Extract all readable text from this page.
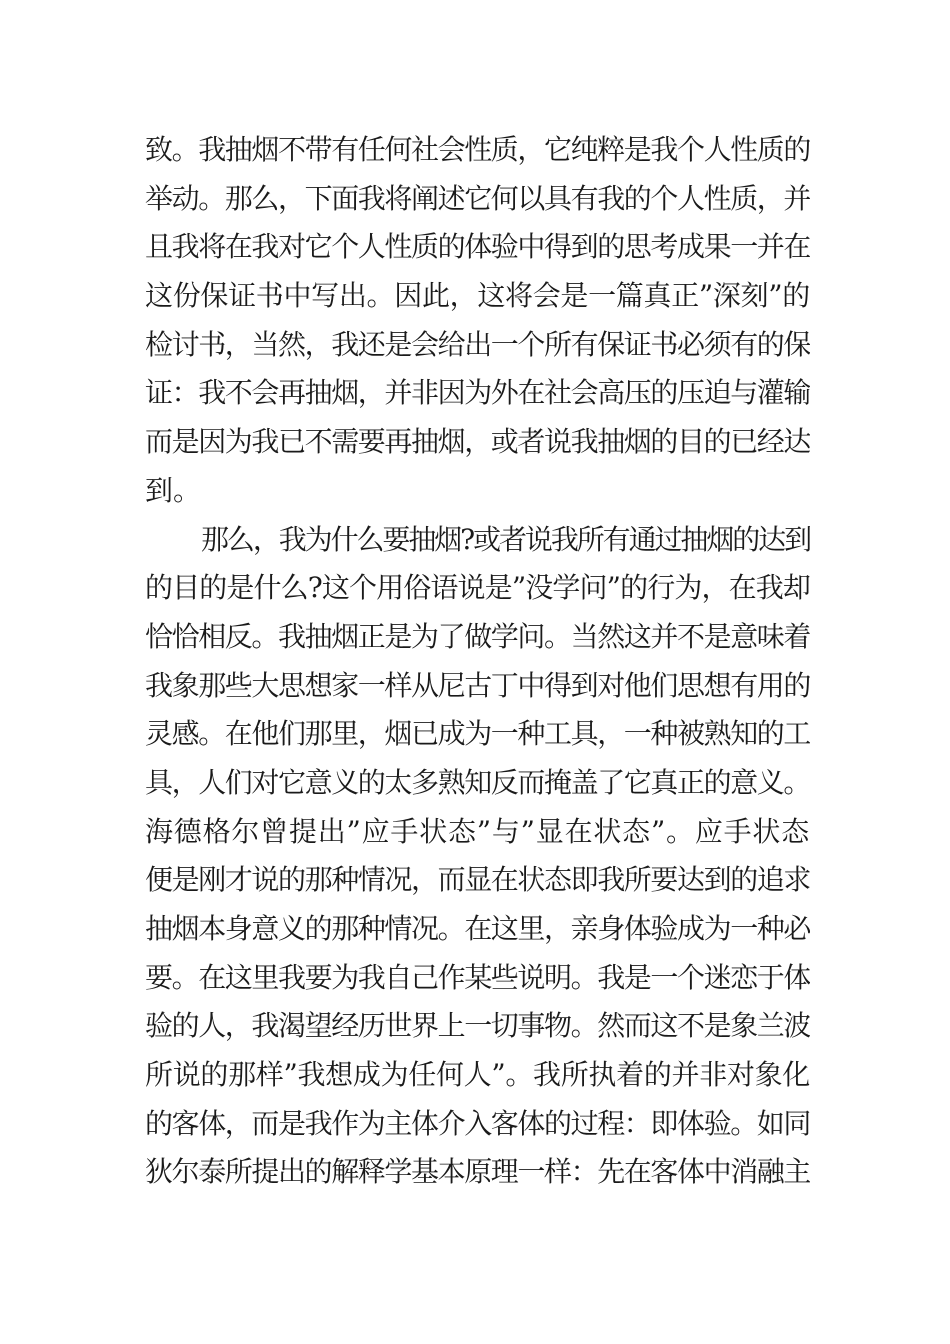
致。我抽烟不带有任何社会性质，它纯粹是我个人性质的
举动。那么，下面我将阐述它何以具有我的个人性质，并
且我将在我对它个人性质的体验中得到的思考成果一并在
这份保证书中写出。因此，这将会是一篇真正”深刻”的
检讨书，当然，我还是会给出一个所有保证书必须有的保
证：我不会再抽烟，并非因为外在社会高压的压迫与灌输
而是因为我已不需要再抽烟，或者说我抽烟的目的已经达
到。
那么，我为什么要抽烟?或者说我所有通过抽烟的达到
的目的是什么?这个用俗语说是”没学问”的行为，在我却
恰恰相反。我抽烟正是为了做学问。当然这并不是意味着
我象那些大思想家一样从尼古丁中得到对他们思想有用的
灵感。在他们那里，烟已成为一种工具，一种被熟知的工
具，人们对它意义的太多熟知反而掩盖了它真正的意义。
海德格尔曾提出”应手状态”与”显在状态”。应手状态
便是刚才说的那种情况，而显在状态即我所要达到的追求
抽烟本身意义的那种情况。在这里，亲身体验成为一种必
要。在这里我要为我自己作某些说明。我是一个迷恋于体
验的人，我渴望经历世界上一切事物。然而这不是象兰波
所说的那样”我想成为任何人”。我所执着的并非对象化
的客体，而是我作为主体介入客体的过程：即体验。如同
狄尔泰所提出的解释学基本原理一样：先在客体中消融主
